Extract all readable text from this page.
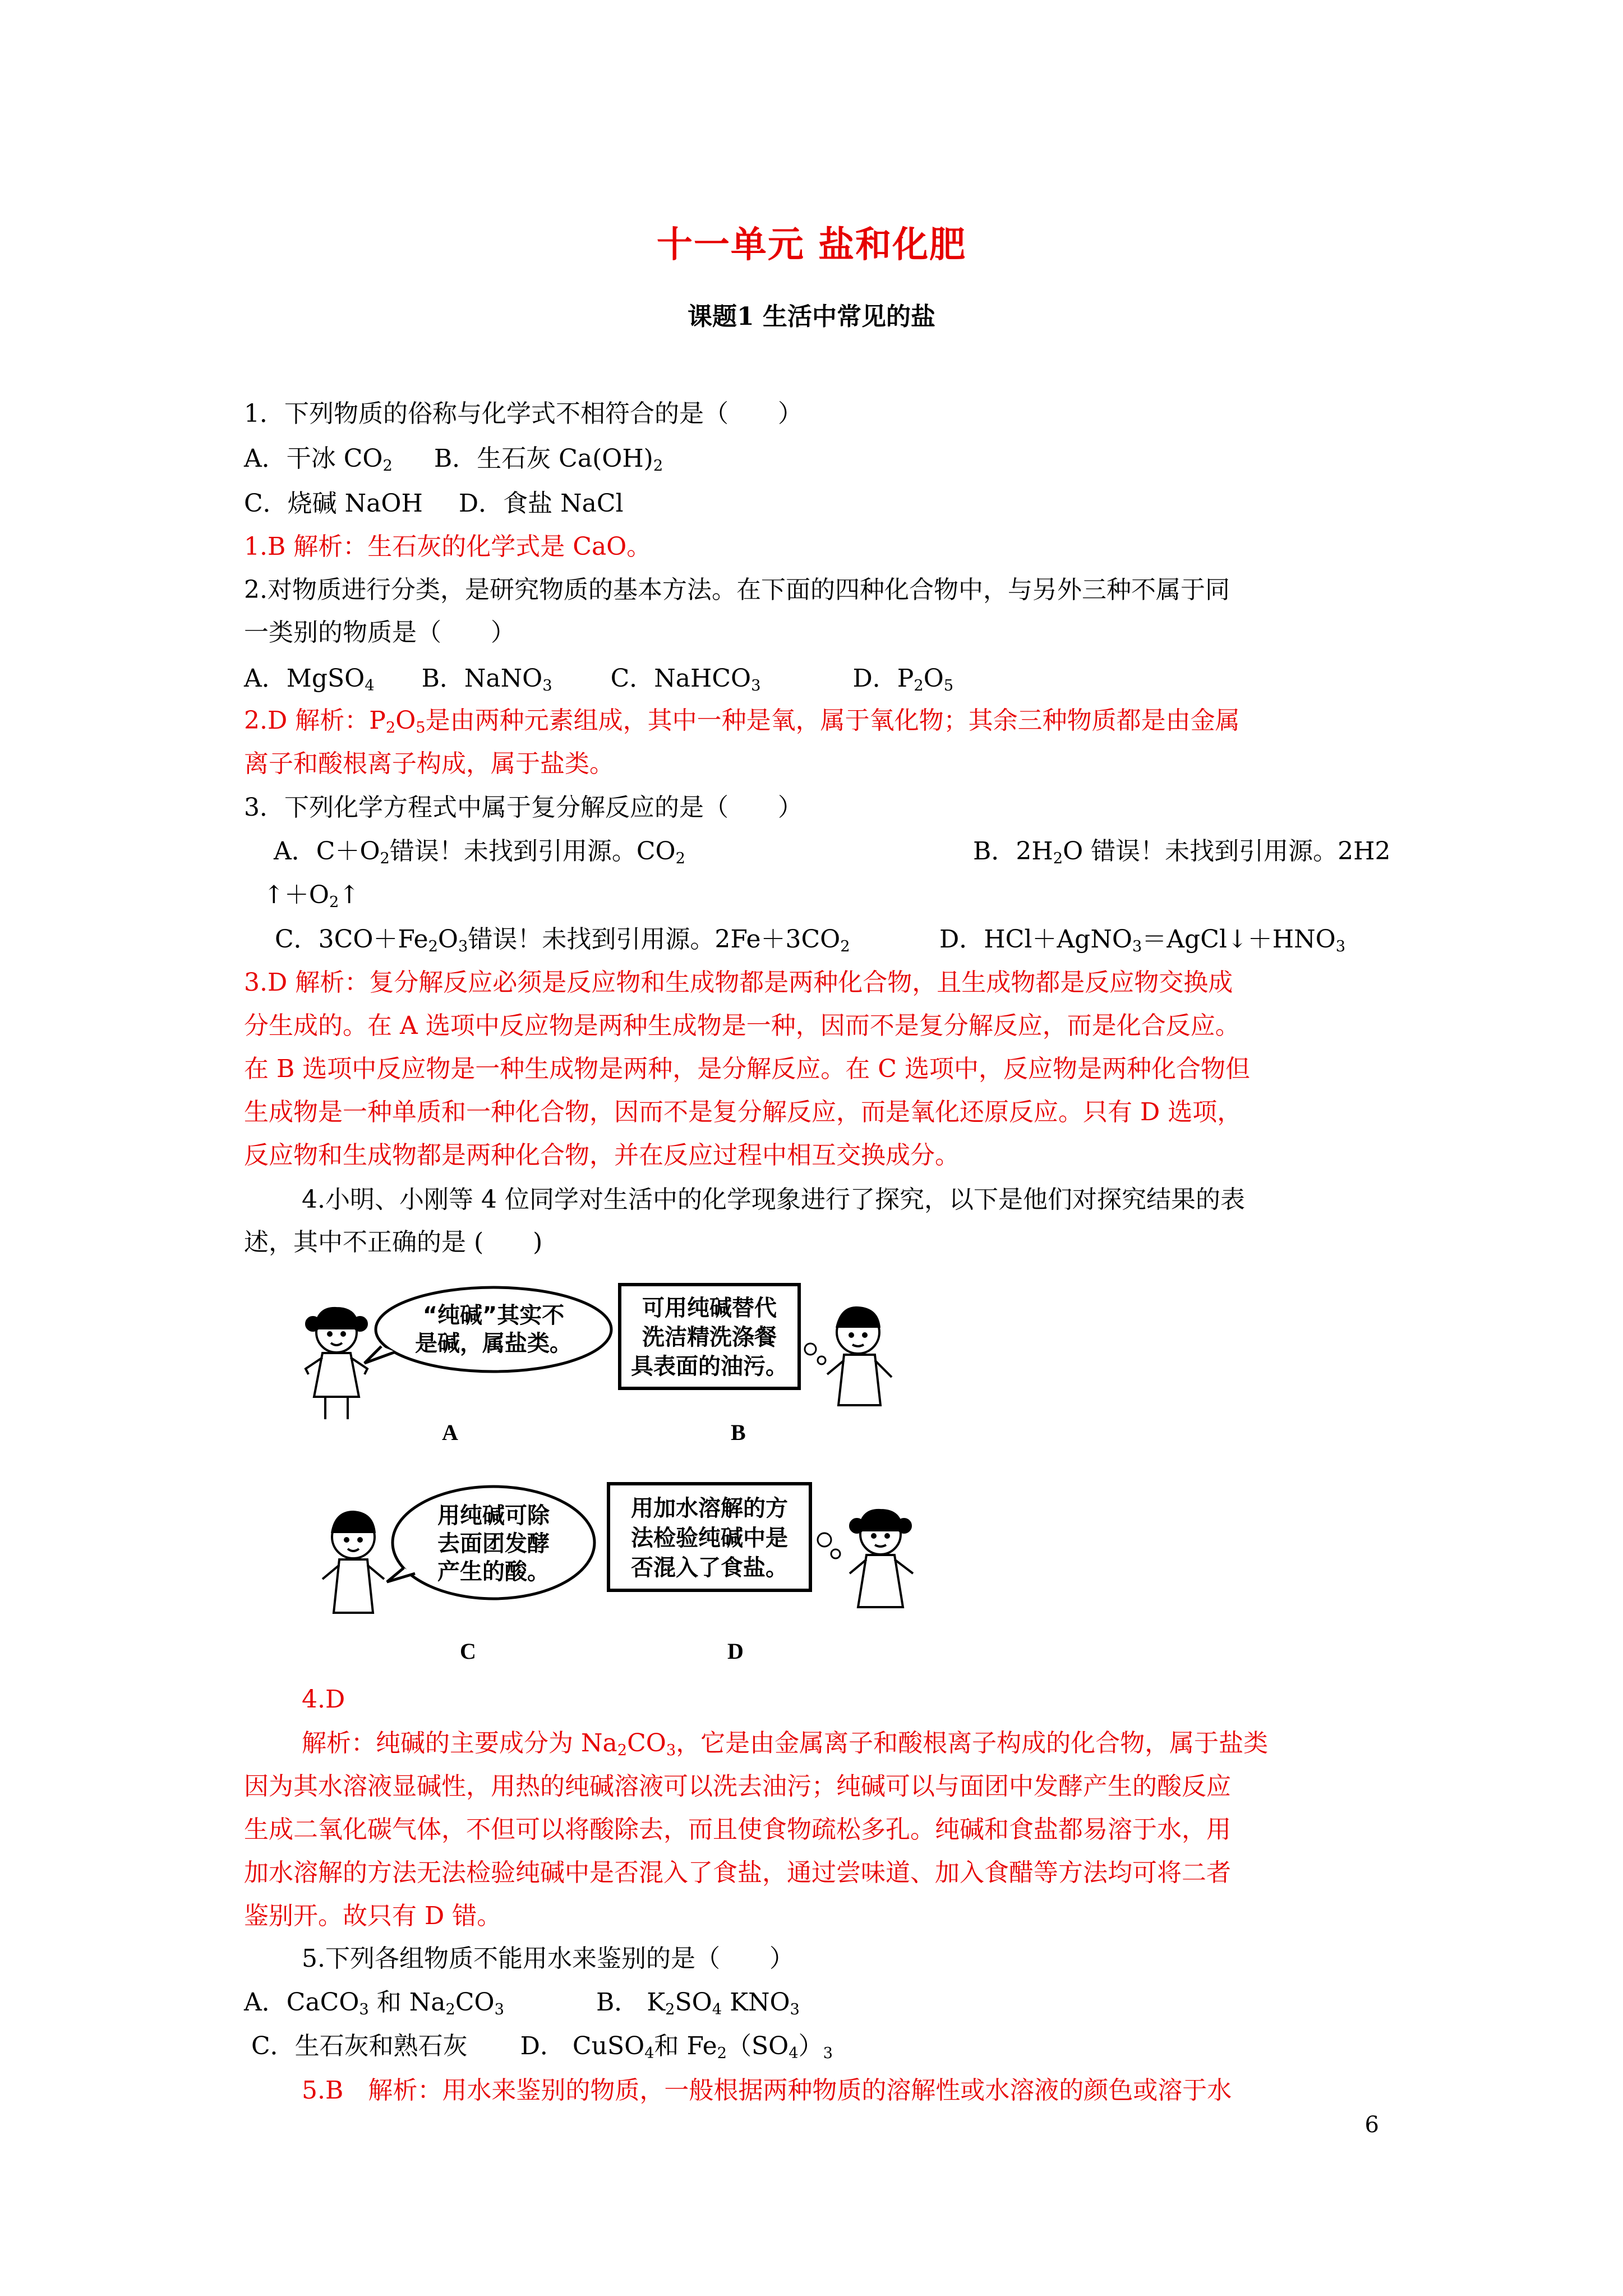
十一单元 盐和化肥
课题1 生活中常见的盐
1．下列物质的俗称与化学式不相符合的是（　　）
A．干冰 $CO_2$ B．生石灰 $Ca(OH)_2$
C．烧碱 NaOH D．食盐 NaCl
1.B 解析：生石灰的化学式是 CaO。
2.对物质进行分类，是研究物质的基本方法。在下面的四种化合物中，与另外三种不属于同
一类别的物质是（　　）
A．MgSO$_4$ B．NaNO$_3$ C．NaHCO$_3$	D．$P_2O_5$
2.D 解析：$P_2O_5$是由两种元素组成，其中一种是氧，属于氧化物；其余三种物质都是由金属
离子和酸根离子构成，属于盐类。
3．下列化学方程式中属于复分解反应的是（　　）
A．$C+O_2$错误！未找到引用源。$CO_2$	B．$2H_2O$ 错误！未找到引用源。2H2
$↑+O_2↑$
C．$3CO+Fe_2O_3$错误！未找到引用源。$2Fe+3CO_2$	D．$HCl+AgNO_3=AgCl↓+HNO_3$
3.D 解析：复分解反应必须是反应物和生成物都是两种化合物，且生成物都是反应物交换成
分生成的。在 A 选项中反应物是两种生成物是一种，因而不是复分解反应，而是化合反应。
在 B 选项中反应物是一种生成物是两种，是分解反应。在 C 选项中，反应物是两种化合物但
生成物是一种单质和一种化合物，因而不是复分解反应，而是氧化还原反应。只有 D 选项，
反应物和生成物都是两种化合物，并在反应过程中相互交换成分。
4.小明、小刚等 4 位同学对生活中的化学现象进行了探究，以下是他们对探究结果的表
述，其中不正确的是 (　　)
“纯碱”其实不
是碱，属盐类。
A
可用纯碱替代
洗洁精洗涤餐
具表面的油污。
B
用纯碱可除
去面团发酵
产生的酸。
C
用加水溶解的方
法检验纯碱中是
否混入了食盐。
D
4.D
解析：纯碱的主要成分为 $Na_2CO_3$，它是由金属离子和酸根离子构成的化合物，属于盐类
因为其水溶液显碱性，用热的纯碱溶液可以洗去油污；纯碱可以与面团中发酵产生的酸反应
生成二氧化碳气体，不但可以将酸除去，而且使食物疏松多孔。纯碱和食盐都易溶于水，用
加水溶解的方法无法检验纯碱中是否混入了食盐，通过尝味道、加入食醋等方法均可将二者
鉴别开。故只有 D 错。
5.下列各组物质不能用水来鉴别的是（　　）
A．CaCO$_3$ 和 $Na_2CO_3$	B． $K_2SO_4$ $KNO_3$
C．生石灰和熟石灰 D． CuSO$_4$和 $Fe_2(SO_4)_3$
5.B　解析：用水来鉴别的物质，一般根据两种物质的溶解性或水溶液的颜色或溶于水
6
